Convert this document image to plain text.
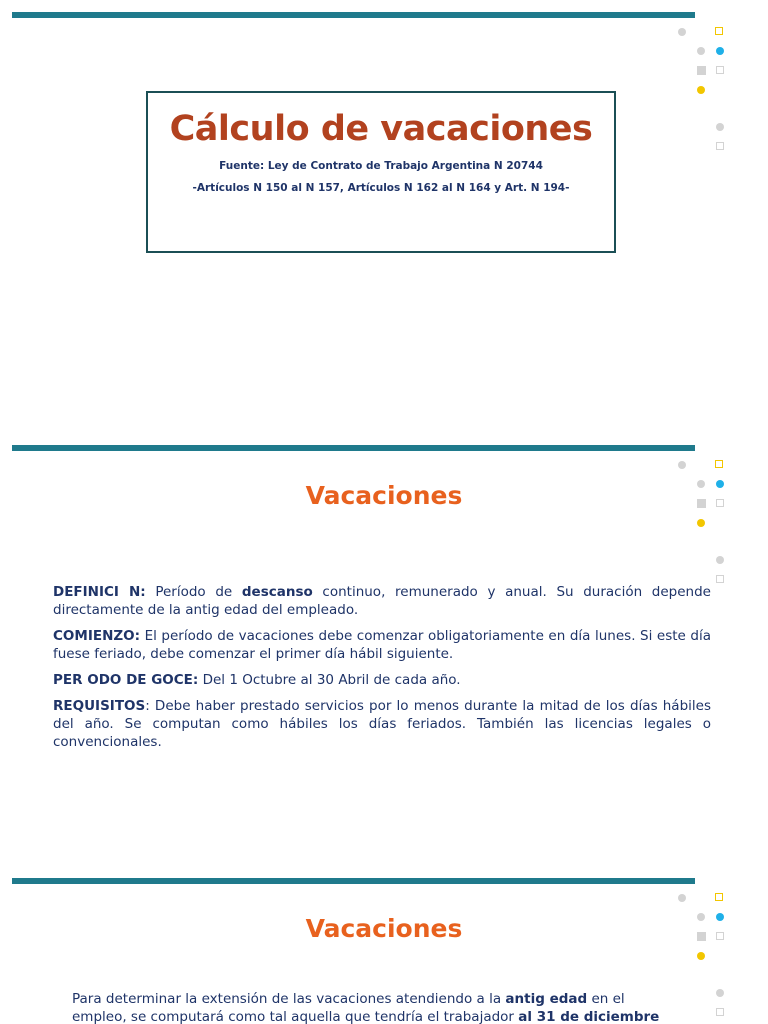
Cálculo de vacaciones
Fuente: Ley de Contrato de Trabajo Argentina N 20744
-Artículos N 150 al N 157, Artículos N 162 al N 164 y Art. N 194-
Vacaciones

DEFINICI N: Período de descanso continuo, remunerado y anual. Su duración depende directamente de la antig edad del empleado.

COMIENZO: El período de vacaciones debe comenzar obligatoriamente en día lunes. Si este día fuese feriado, debe comenzar el primer día hábil siguiente.

PER ODO DE GOCE: Del 1 Octubre al 30 Abril de cada año.

REQUISITOS: Debe haber prestado servicios por lo menos durante la mitad de los días hábiles del año. Se computan como hábiles los días feriados. También las licencias legales o convencionales.

Vacaciones

Para determinar la extensión de las vacaciones atendiendo a la antig edad en el
empleo, se computará como tal aquella que tendría el trabajador al 31 de diciembre
